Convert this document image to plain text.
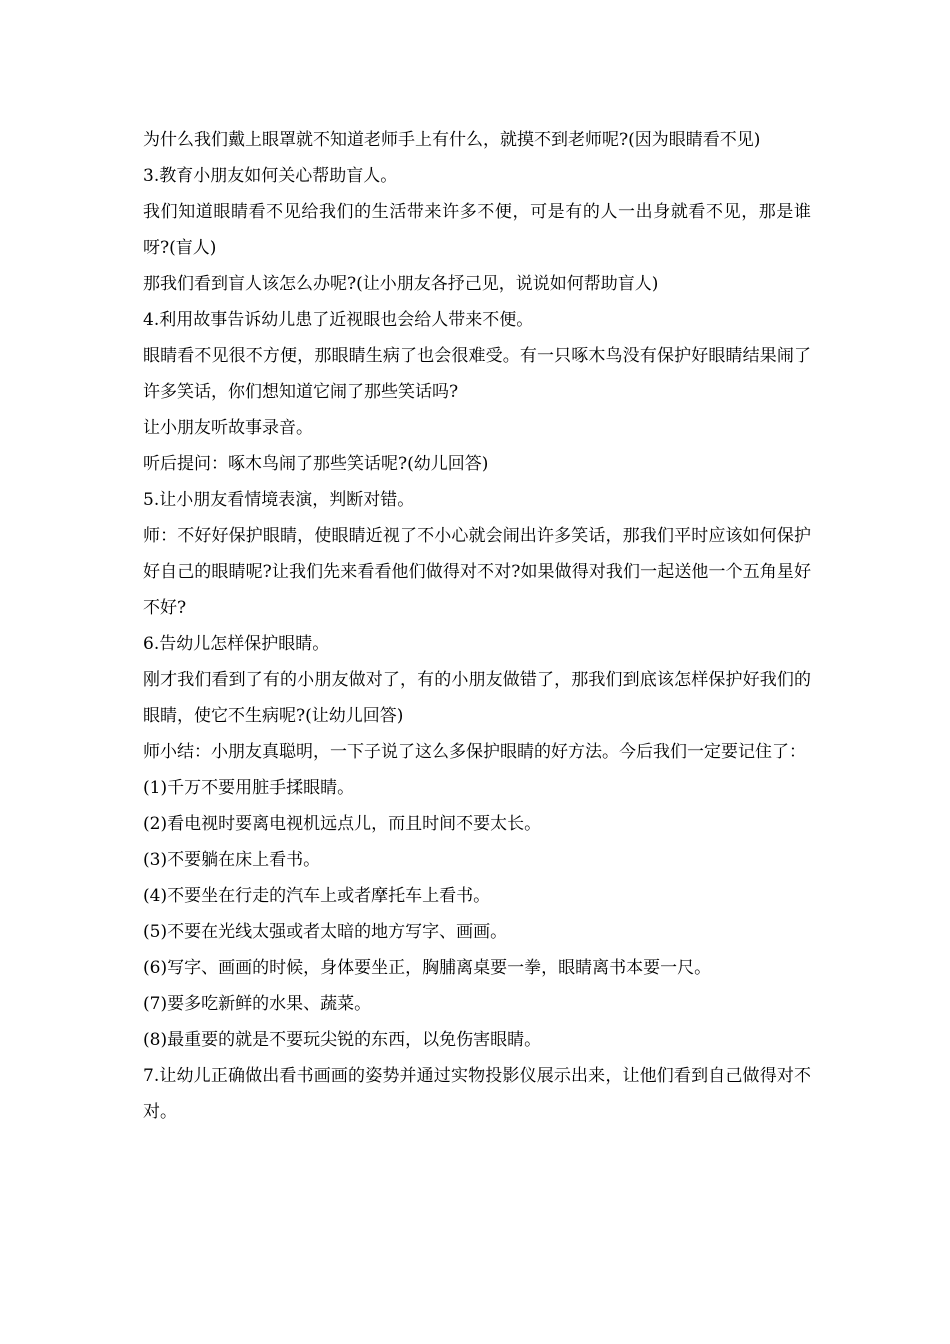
为什么我们戴上眼罩就不知道老师手上有什么，就摸不到老师呢?(因为眼睛看不见)

3.教育小朋友如何关心帮助盲人。

我们知道眼睛看不见给我们的生活带来许多不便，可是有的人一出身就看不见，那是谁呀?(盲人)

那我们看到盲人该怎么办呢?(让小朋友各抒己见，说说如何帮助盲人)

4.利用故事告诉幼儿患了近视眼也会给人带来不便。

眼睛看不见很不方便，那眼睛生病了也会很难受。有一只啄木鸟没有保护好眼睛结果闹了许多笑话，你们想知道它闹了那些笑话吗?

让小朋友听故事录音。

听后提问：啄木鸟闹了那些笑话呢?(幼儿回答)

5.让小朋友看情境表演，判断对错。

师：不好好保护眼睛，使眼睛近视了不小心就会闹出许多笑话，那我们平时应该如何保护好自己的眼睛呢?让我们先来看看他们做得对不对?如果做得对我们一起送他一个五角星好不好?

6.告幼儿怎样保护眼睛。

刚才我们看到了有的小朋友做对了，有的小朋友做错了，那我们到底该怎样保护好我们的眼睛，使它不生病呢?(让幼儿回答)

师小结：小朋友真聪明，一下子说了这么多保护眼睛的好方法。今后我们一定要记住了：

(1)千万不要用脏手揉眼睛。

(2)看电视时要离电视机远点儿，而且时间不要太长。

(3)不要躺在床上看书。

(4)不要坐在行走的汽车上或者摩托车上看书。

(5)不要在光线太强或者太暗的地方写字、画画。

(6)写字、画画的时候，身体要坐正，胸脯离桌要一拳，眼睛离书本要一尺。

(7)要多吃新鲜的水果、蔬菜。

(8)最重要的就是不要玩尖锐的东西，以免伤害眼睛。

7.让幼儿正确做出看书画画的姿势并通过实物投影仪展示出来，让他们看到自己做得对不对。
